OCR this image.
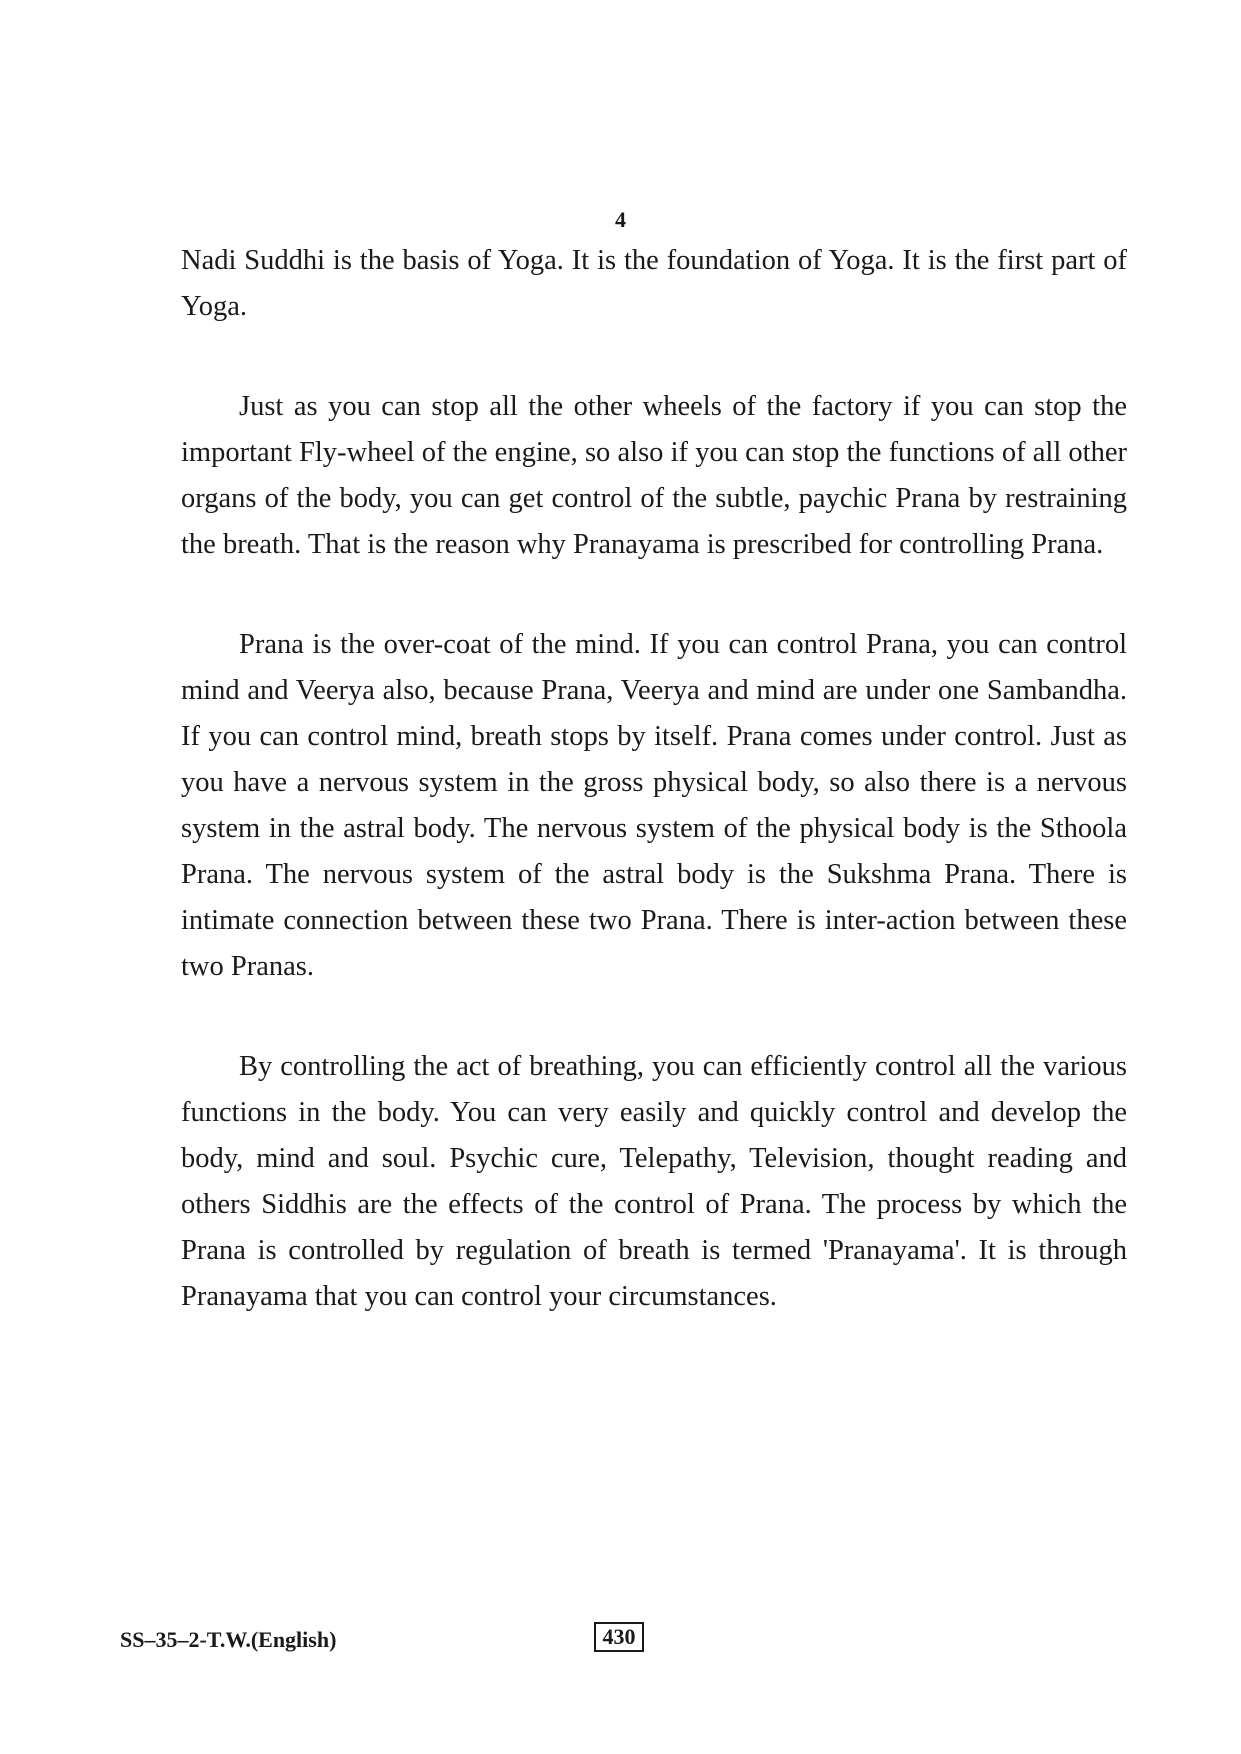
4

Nadi Suddhi is the basis of Yoga. It is the foundation of Yoga. It is the first part of Yoga.

Just as you can stop all the other wheels of the factory if you can stop the important Fly-wheel of the engine, so also if you can stop the functions of all other organs of the body, you can get control of the subtle, paychic Prana by restraining the breath. That is the reason why Pranayama is prescribed for controlling Prana.

Prana is the over-coat of the mind. If you can control Prana, you can control mind and Veerya also, because Prana, Veerya and mind are under one Sambandha. If you can control mind, breath stops by itself. Prana comes under control. Just as you have a nervous system in the gross physical body, so also there is a nervous system in the astral body. The nervous system of the physical body is the Sthoola Prana. The nervous system of the astral body is the Sukshma Prana. There is intimate connection between these two Prana. There is inter-action between these two Pranas.

By controlling the act of breathing, you can efficiently control all the various functions in the body. You can very easily and quickly control and develop the body, mind and soul. Psychic cure, Telepathy, Television, thought reading and others Siddhis are the effects of the control of Prana. The process by which the Prana is controlled by regulation of breath is termed 'Pranayama'. It is through Pranayama that you can control your circumstances.

SS–35–2-T.W.(English)	430
